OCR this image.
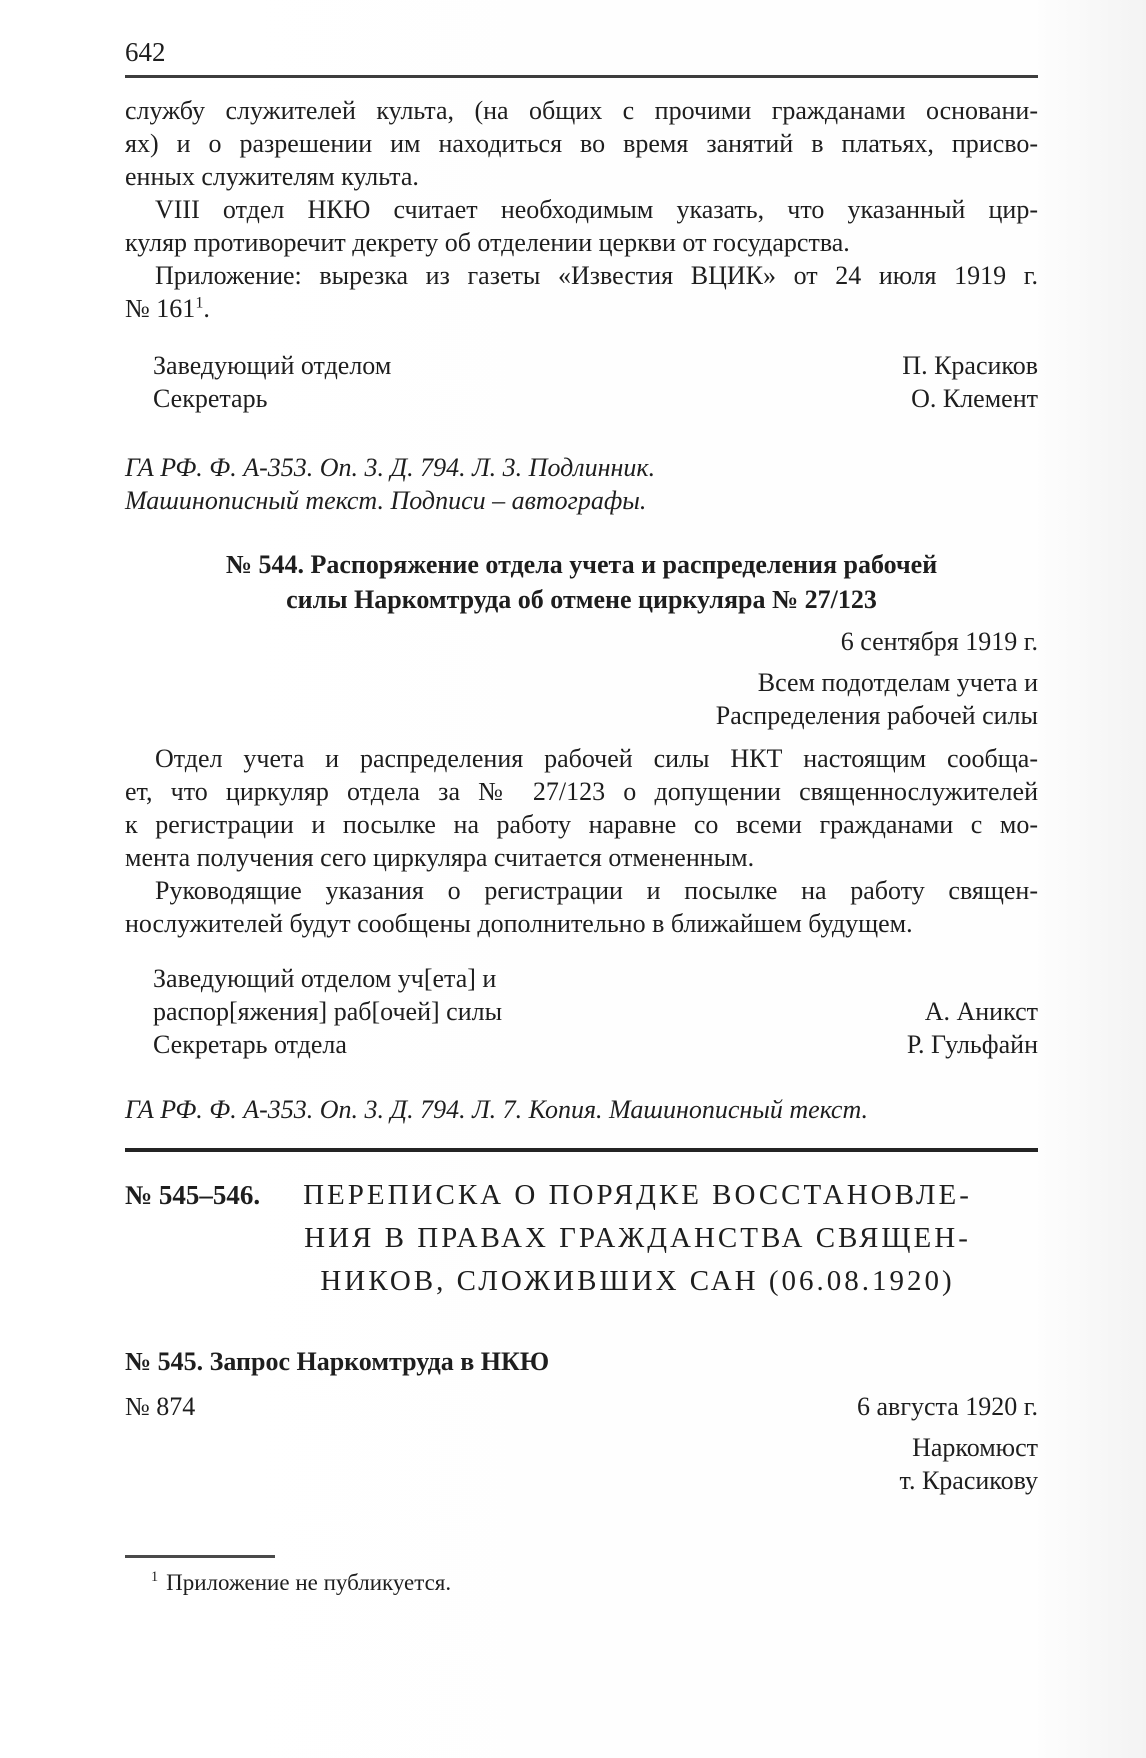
642
службу служителей культа, (на общих с прочими гражданами основани-
ях) и о разрешении им находиться во время занятий в платьях, присво-
енных служителям культа.
VIII отдел НКЮ считает необходимым указать, что указанный цир-
куляр противоречит декрету об отделении церкви от государства.
Приложение: вырезка из газеты «Известия ВЦИК» от 24 июля 1919 г.
№ 161$^1$.
Заведующий отделом	П. Красиков
Секретарь	О. Клемент
ГА РФ. Ф. А-353. Оп. 3. Д. 794. Л. 3. Подлинник.
Машинописный текст. Подписи – автографы.
№ 544. Распоряжение отдела учета и распределения рабочей
силы Наркомтруда об отмене циркуляра № 27/123
6 сентября 1919 г.
Всем подотделам учета и
Распределения рабочей силы
Отдел учета и распределения рабочей силы НКТ настоящим сообща-
ет, что циркуляр отдела за № 27/123 о допущении священнослужителей
к регистрации и посылке на работу наравне со всеми гражданами с мо-
мента получения сего циркуляра считается отмененным.
Руководящие указания о регистрации и посылке на работу священ-
нослужителей будут сообщены дополнительно в ближайшем будущем.
Заведующий отделом уч[ета] и
распор[яжения] раб[очей] силы	А. Аникст
Секретарь отдела	Р. Гульфайн
ГА РФ. Ф. А-353. Оп. 3. Д. 794. Л. 7. Копия. Машинописный текст.
№ 545–546.	ПЕРЕПИСКА О ПОРЯДКЕ ВОССТАНОВЛЕ-
НИЯ В ПРАВАХ ГРАЖДАНСТВА СВЯЩЕН-
НИКОВ, СЛОЖИВШИХ САН (06.08.1920)
№ 545. Запрос Наркомтруда в НКЮ
№ 874	6 августа 1920 г.
Наркомюст
т. Красикову
$^1$ Приложение не публикуется.
